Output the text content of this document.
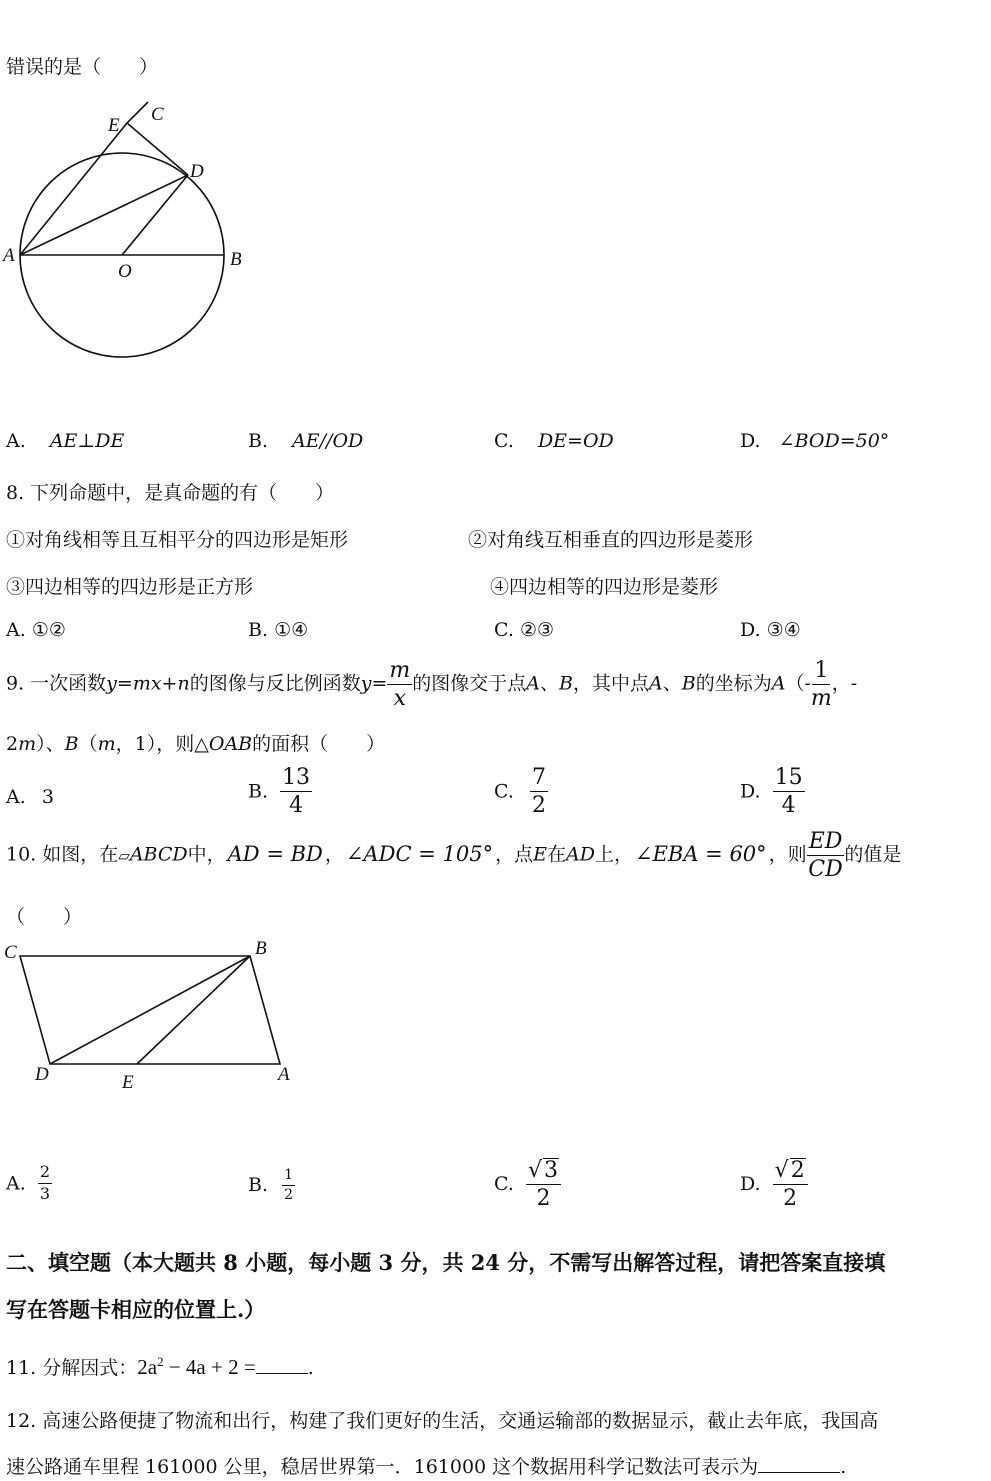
错误的是（　　）
E
C
D
A
O
B
A. AE⊥DE	B. AE//OD	C. DE=OD	D. ∠BOD=50°
8. 下列命题中，是真命题的有（　　）
①对角线相等且互相平分的四边形是矩形	②对角线互相垂直的四边形是菱形
③四边相等的四边形是正方形	④四边相等的四边形是菱形
A. ①②	B. ①④	C. ②③	D. ③④
9. 一次函数y=mx+n的图像与反比例函数$y= \frac{m}{x}$ 的图像交于点A、B，其中点A、B的坐标为$A(- \frac{1}{m}$ ，-
2m）、B（m，1），则△OAB的面积（　　）
A. 3	B. $\frac{13}{4}$	C. $\frac{7}{2}$	D. $\frac{15}{4}$
10. 如图，在▱ABCD中，AD = BD ，∠ADC = 105° ，点E在AD上，∠EBA = 60° ，则 $\frac{ED}{CD}$ 的值是
（　　）
C	B
D	E	A
A. $\frac{2}{3}$	B. $\frac{1}{2}$	C. $\frac{√3}{2}$	D. $\frac{√2}{2}$
二、填空题（本大题共 8 小题，每小题 3 分，共 24 分，不需写出解答过程，请把答案直接填
写在答题卡相应的位置上.）
11. 分解因式：$2a^2 - 4a + 2$ =	.
12. 高速公路便捷了物流和出行，构建了我们更好的生活，交通运输部的数据显示，截止去年底，我国高
速公路通车里程 161000 公里，稳居世界第一．161000 这个数据用科学记数法可表示为	.
